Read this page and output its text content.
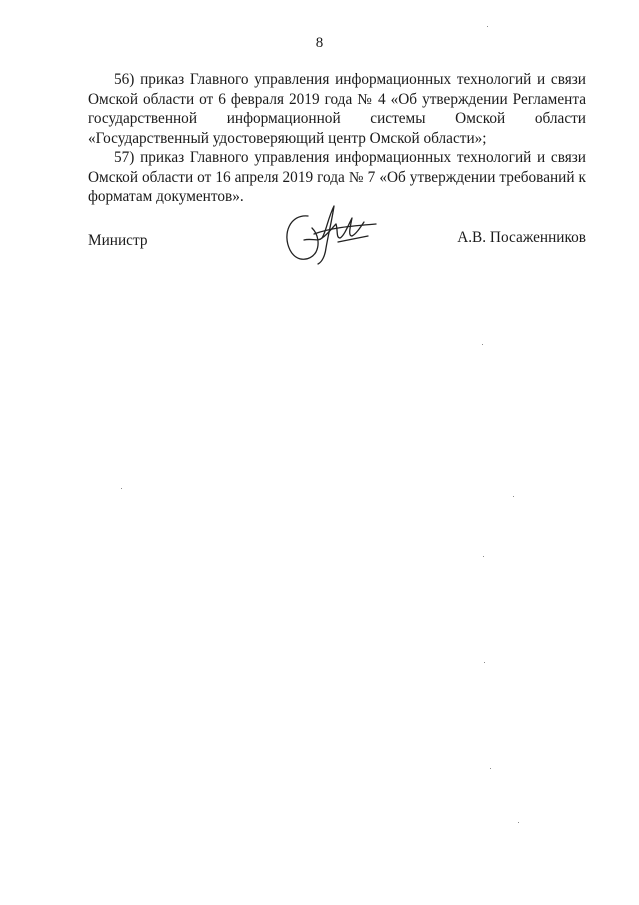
8

56) приказ Главного управления информационных технологий и связи Омской области от 6 февраля 2019 года № 4 «Об утверждении Регламента государственной информационной системы Омской области «Государственный удостоверяющий центр Омской области»;

57) приказ Главного управления информационных технологий и связи Омской области от 16 апреля 2019 года № 7 «Об утверждении требований к форматам документов».

Министр	А.В. Посаженников
